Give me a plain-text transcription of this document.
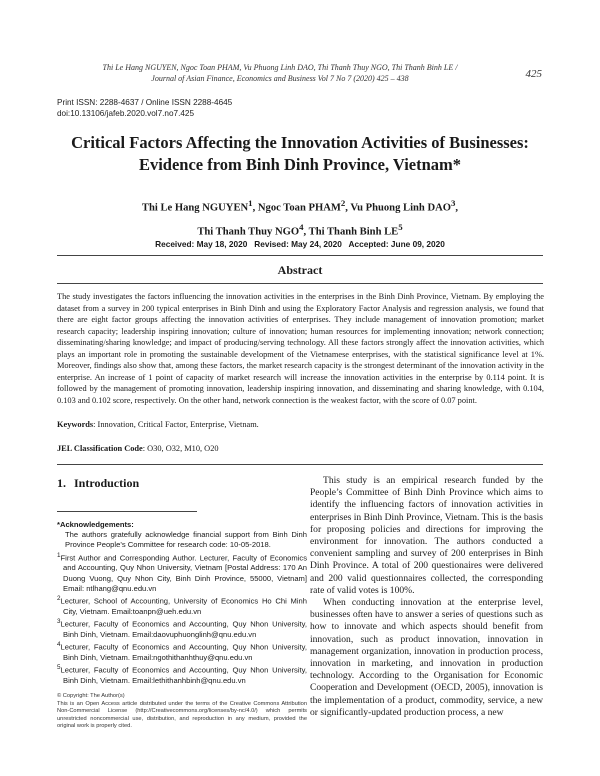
Thi Le Hang NGUYEN, Ngoc Toan PHAM, Vu Phuong Linh DAO, Thi Thanh Thuy NGO, Thi Thanh Binh LE /
Journal of Asian Finance, Economics and Business Vol 7 No 7 (2020) 425 – 438	425
Print ISSN: 2288-4637 / Online ISSN 2288-4645
doi:10.13106/jafeb.2020.vol7.no7.425
Critical Factors Affecting the Innovation Activities of Businesses:
Evidence from Binh Dinh Province, Vietnam*
Thi Le Hang NGUYEN$^1$, Ngoc Toan PHAM$^2$, Vu Phuong Linh DAO$^3$,
Thi Thanh Thuy NGO$^4$, Thi Thanh Binh $LE^5$
Received: May 18, 2020   Revised: May 24, 2020   Accepted: June 09, 2020
Abstract
The study investigates the factors influencing the innovation activities in the enterprises in the Binh Dinh Province, Vietnam. By employing the dataset from a survey in 200 typical enterprises in Binh Dinh and using the Exploratory Factor Analysis and regression analysis, we found that there are eight factor groups affecting the innovation activities of enterprises. They include management of innovation promotion; market research capacity; leadership inspiring innovation; culture of innovation; human resources for implementing innovation; network connection; disseminating/sharing knowledge; and impact of producing/serving technology. All these factors strongly affect the innovation activities, which plays an important role in promoting the sustainable development of the Vietnamese enterprises, with the statistical significance level at 1%. Moreover, findings also show that, among these factors, the market research capacity is the strongest determinant of the innovation activity in the enterprise. An increase of 1 point of capacity of market research will increase the innovation activities in the enterprise by 0.114 point. It is followed by the management of promoting innovation, leadership inspiring innovation, and disseminating and sharing knowledge, with 0.104, 0.103 and 0.102 score, respectively. On the other hand, network connection is the weakest factor, with the score of 0.07 point.
Keywords: Innovation, Critical Factor, Enterprise, Vietnam.
JEL Classification Code: O30, O32, M10, O20
1. Introduction

*Acknowledgements:

The authors gratefully acknowledge financial support from Binh Dinh Province People’s Committee for research code: 10-05-2018.

$^1$First Author and Corresponding Author. Lecturer, Faculty of Economics and Accounting, Quy Nhon University, Vietnam [Postal Address: 170 An Duong Vuong, Quy Nhon City, Binh Dinh Province, 55000, Vietnam] Email: ntlhang@qnu.edu.vn

$^2$Lecturer, School of Accounting, University of Economics Ho Chi Minh City, Vietnam. Email:toanpn@ueh.edu.vn

$^3$Lecturer, Faculty of Economics and Accounting, Quy Nhon University, Binh Dinh, Vietnam. Email:daovuphuonglinh@qnu.edu.vn

$^4$Lecturer, Faculty of Economics and Accounting, Quy Nhon University, Binh Dinh, Vietnam. Email:ngothithanhthuy@qnu.edu.vn

$^5$Lecturer, Faculty of Economics and Accounting, Quy Nhon University, Binh Dinh, Vietnam. Email:lethithanhbinh@qnu.edu.vn

© Copyright: The Author(s)

This is an Open Access article distributed under the terms of the Creative Commons Attribution Non-Commercial License (http://Creativecommons.org/licenses/by-nc/4.0/) which permits unrestricted noncommercial use, distribution, and reproduction in any medium, provided the original work is properly cited.

This study is an empirical research funded by the People’s Committee of Binh Dinh Province which aims to identify the influencing factors of innovation activities in enterprises in Binh Dinh Province, Vietnam. This is the basis for proposing policies and directions for improving the environment for innovation. The authors conducted a convenient sampling and survey of 200 enterprises in Binh Dinh Province. A total of 200 questionaires were delivered and 200 valid questionnaires collected, the corresponding rate of valid votes is 100%.

When conducting innovation at the enterprise level, businesses often have to answer a series of questions such as how to innovate and which aspects should benefit from innovation, such as product innovation, innovation in management organization, innovation in production process, innovation in marketing, and innovation in production technology. According to the Organisation for Economic Cooperation and Development (OECD, 2005), innovation is the implementation of a product, commodity, service, a new or significantly-updated production process, a new
